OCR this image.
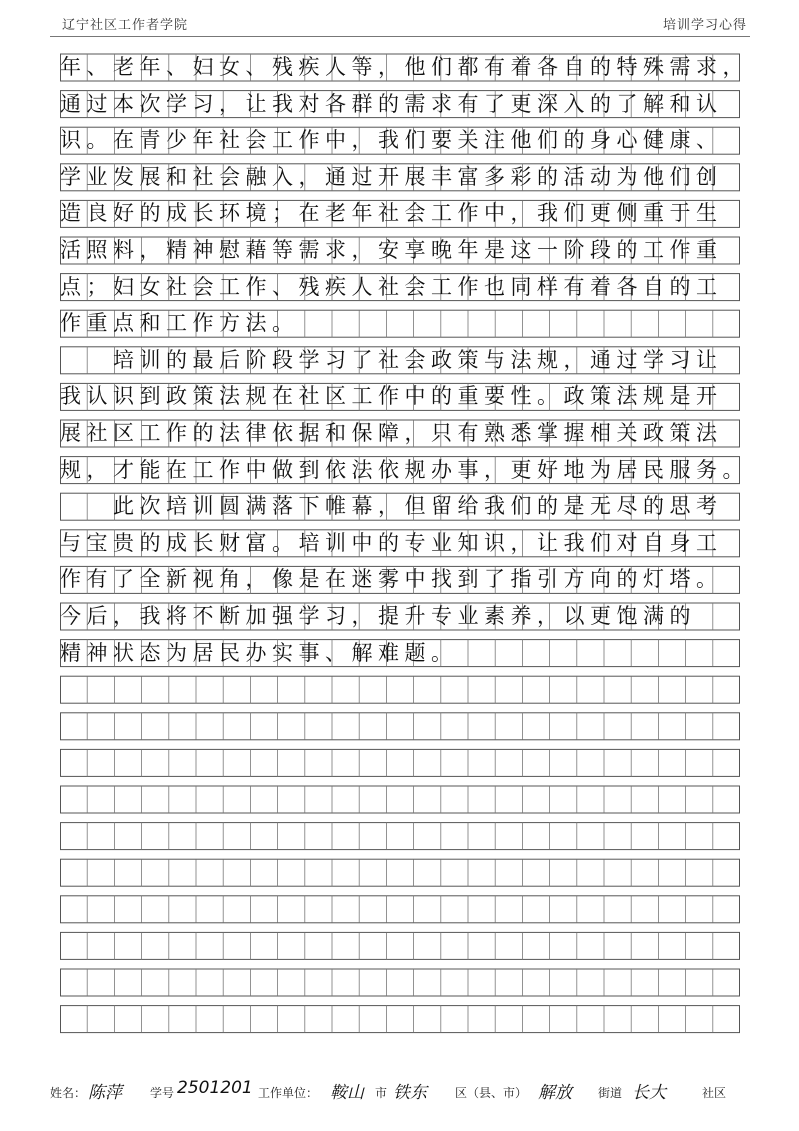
辽宁社区工作者学院	培训学习心得
年、老年、妇女、残疾人等，他们都有着各自的特殊需求，
通过本次学习，让我对各群的需求有了更深入的了解和认
识。在青少年社会工作中，我们要关注他们的身心健康、
学业发展和社会融入，通过开展丰富多彩的活动为他们创
造良好的成长环境；在老年社会工作中，我们更侧重于生
活照料，精神慰藉等需求，安享晚年是这一阶段的工作重
点；妇女社会工作、残疾人社会工作也同样有着各自的工
作重点和工作方法。
　　培训的最后阶段学习了社会政策与法规，通过学习让
我认识到政策法规在社区工作中的重要性。政策法规是开
展社区工作的法律依据和保障，只有熟悉掌握相关政策法
规，才能在工作中做到依法依规办事，更好地为居民服务。
　　此次培训圆满落下帷幕，但留给我们的是无尽的思考
与宝贵的成长财富。培训中的专业知识，让我们对自身工
作有了全新视角，像是在迷雾中找到了指引方向的灯塔。
今后，我将不断加强学习，提升专业素养，以更饱满的
精神状态为居民办实事、解难题。
姓名： 陈萍 学号 2501201 工作单位： 鞍山 市 铁东 区（县、市） 解放 街道 长大	社区
